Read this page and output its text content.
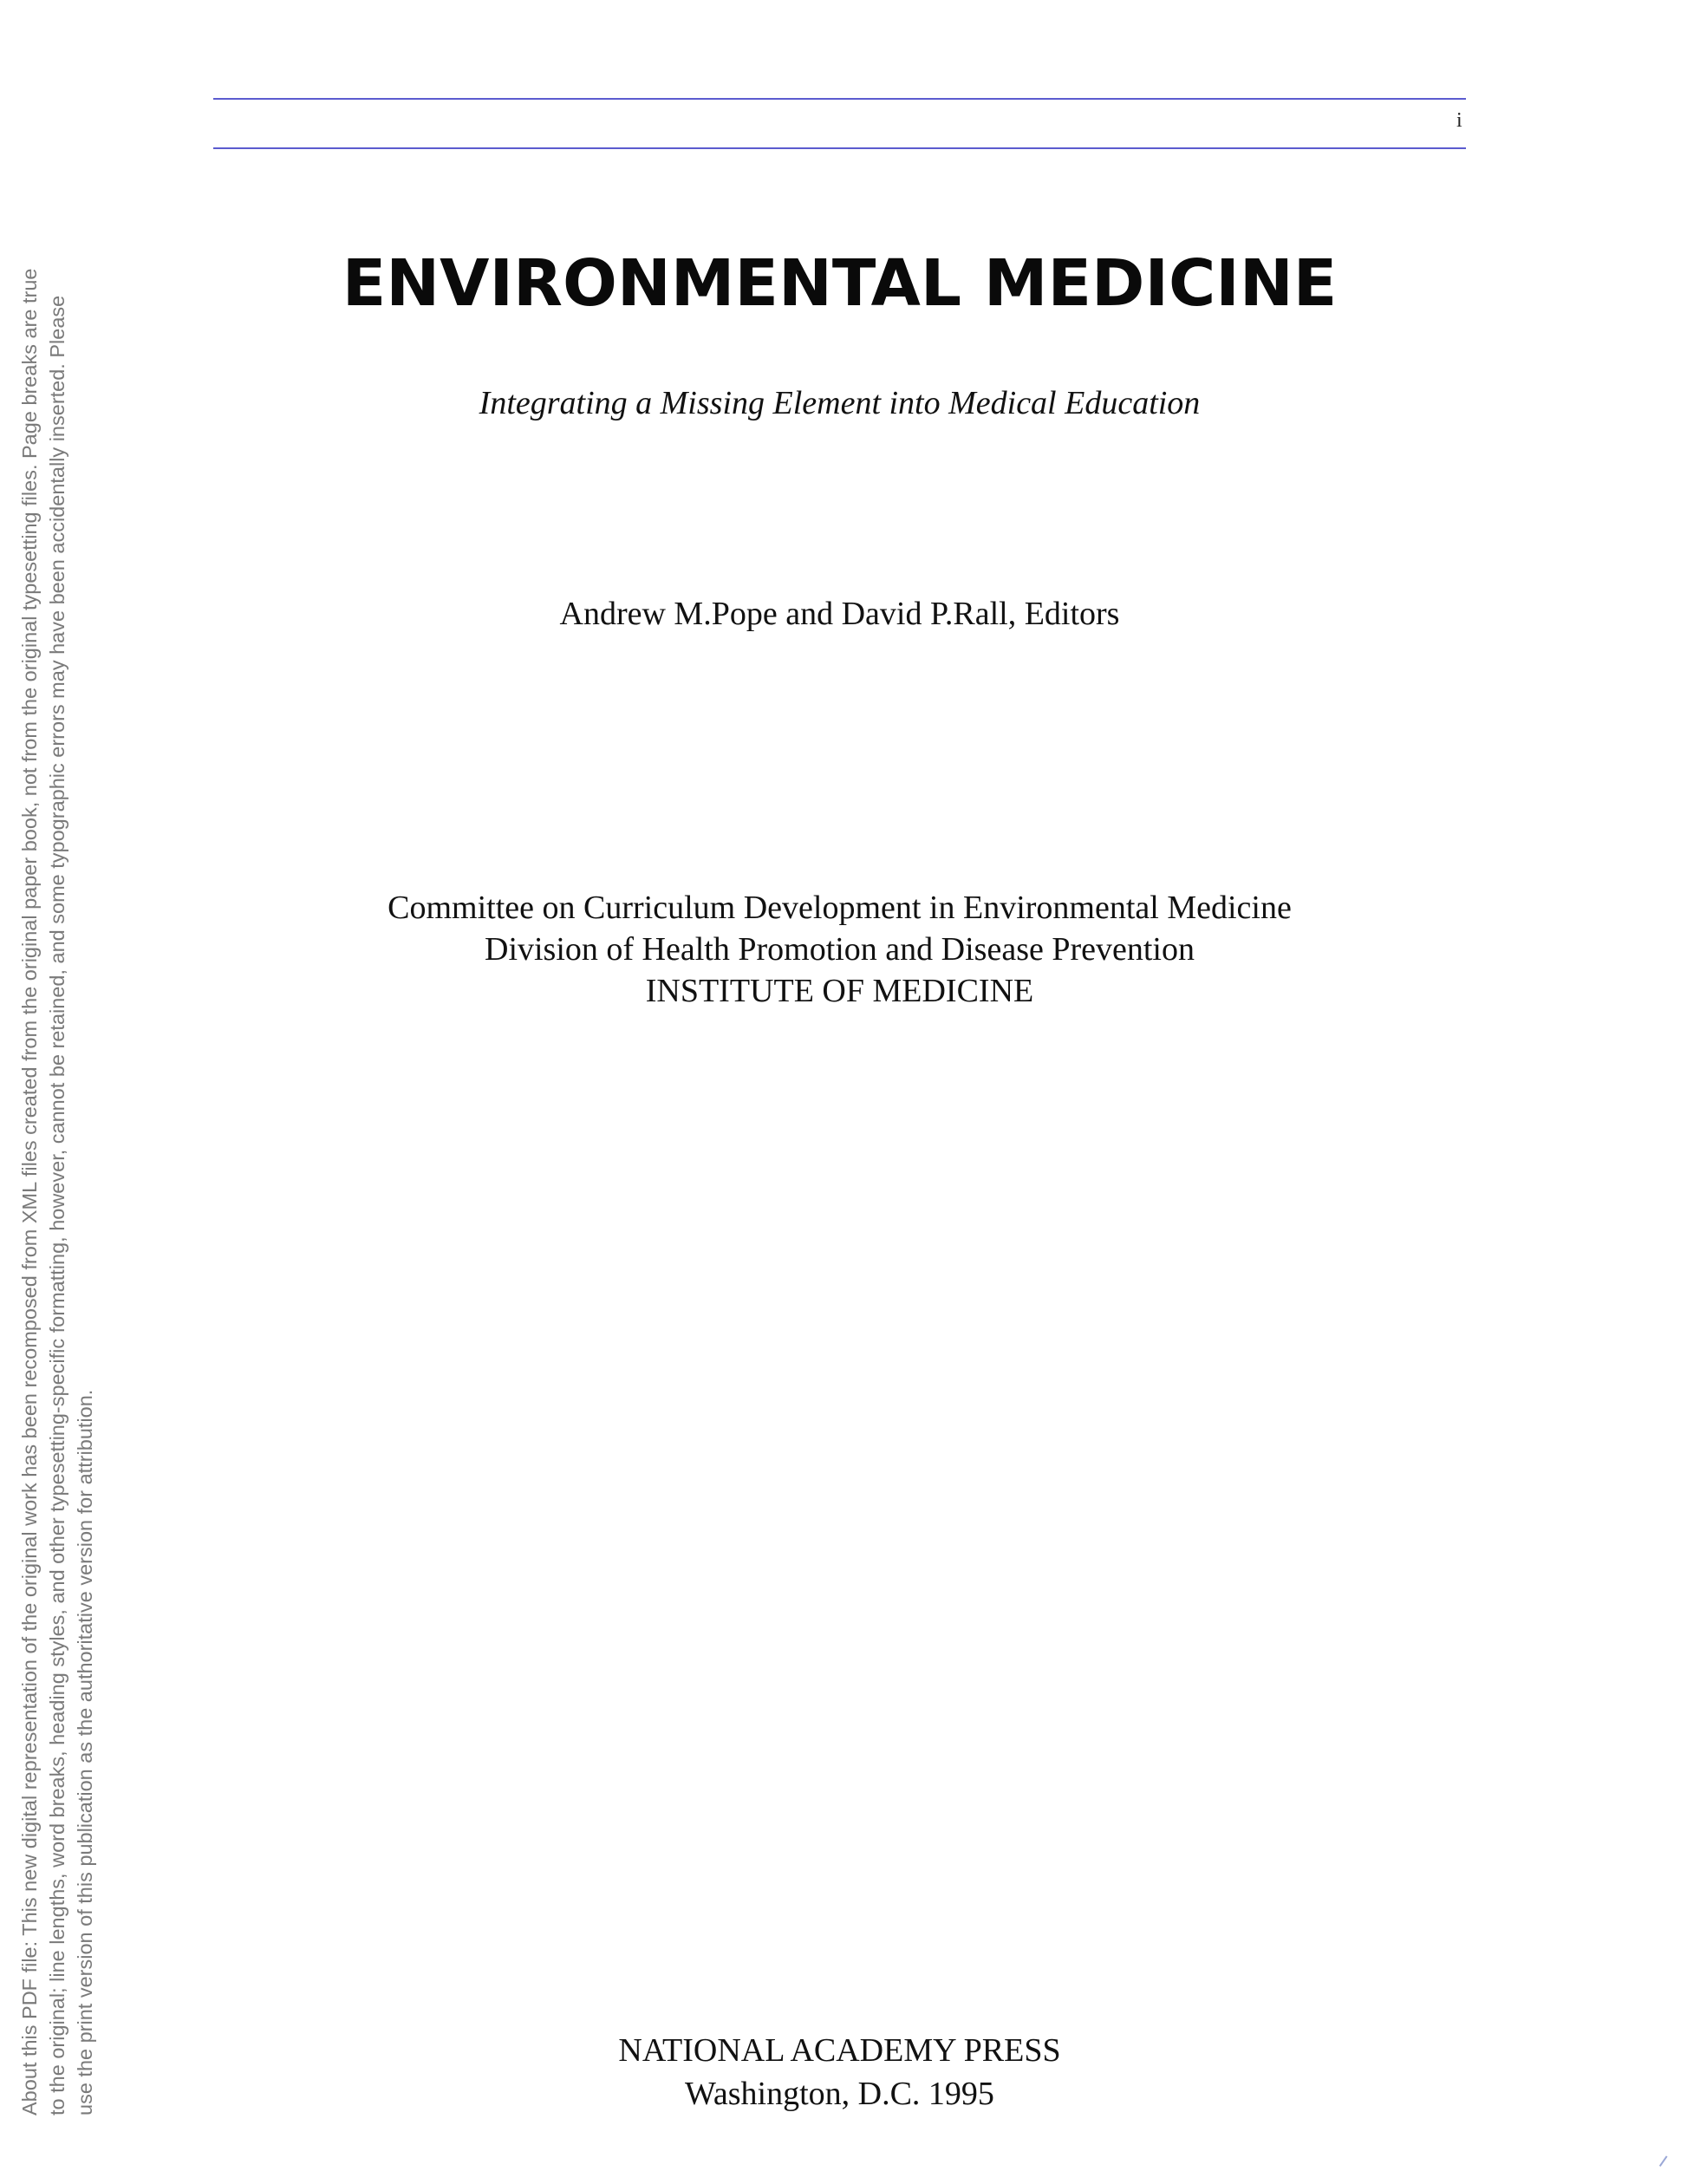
About this PDF file: This new digital representation of the original work has been recomposed from XML files created from the original paper book, not from the original typesetting files. Page breaks are true to the original; line lengths, word breaks, heading styles, and other typesetting-specific formatting, however, cannot be retained, and some typographic errors may have been accidentally inserted. Please use the print version of this publication as the authoritative version for attribution.
i
ENVIRONMENTAL MEDICINE
Integrating a Missing Element into Medical Education
Andrew M.Pope and David P.Rall, Editors
Committee on Curriculum Development in Environmental Medicine
Division of Health Promotion and Disease Prevention
INSTITUTE OF MEDICINE
NATIONAL ACADEMY PRESS
Washington, D.C. 1995
